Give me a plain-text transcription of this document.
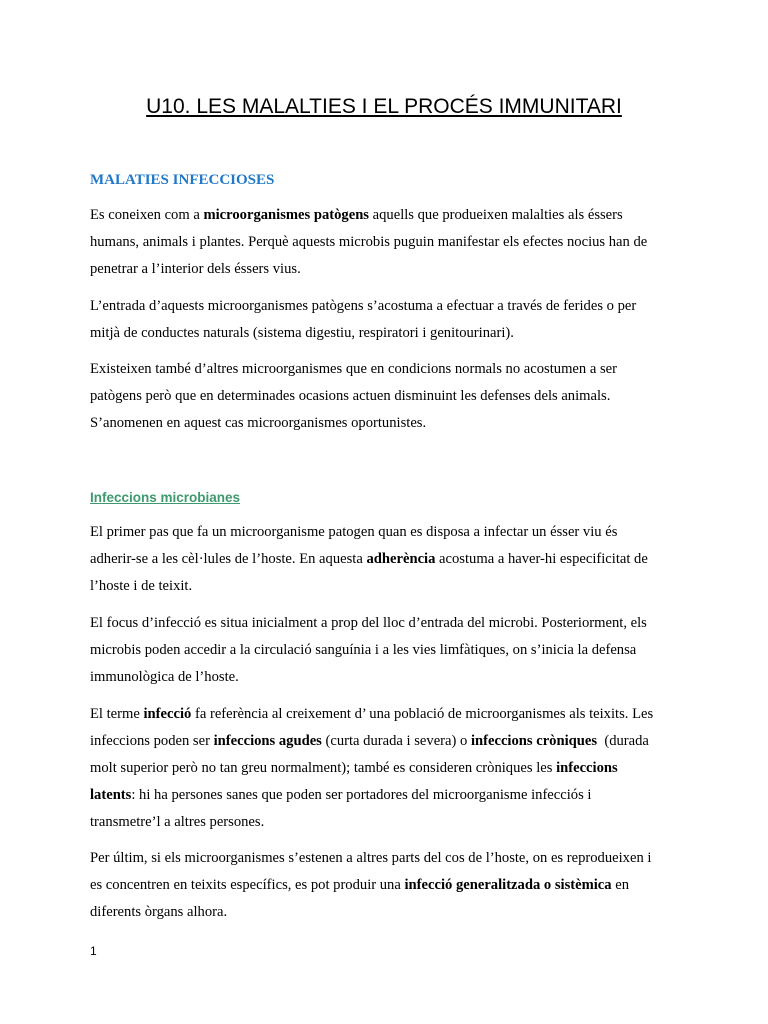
U10. LES MALALTIES I EL PROCÉS IMMUNITARI
MALATIES INFECCIOSES

Es coneixen com a microorganismes patògens aquells que produeixen malalties als éssers
humans, animals i plantes. Perquè aquests microbis puguin manifestar els efectes nocius han de
penetrar a l’interior dels éssers vius.

L’entrada d’aquests microorganismes patògens s’acostuma a efectuar a través de ferides o per
mitjà de conductes naturals (sistema digestiu, respiratori i genitourinari).

Existeixen també d’altres microorganismes que en condicions normals no acostumen a ser
patògens però que en determinades ocasions actuen disminuint les defenses dels animals.
S’anomenen en aquest cas microorganismes oportunistes.

Infeccions microbianes

El primer pas que fa un microorganisme patogen quan es disposa a infectar un ésser viu és
adherir-se a les cèl·lules de l’hoste. En aquesta adherència acostuma a haver-hi especificitat de
l’hoste i de teixit.

El focus d’infecció es situa inicialment a prop del lloc d’entrada del microbi. Posteriorment, els
microbis poden accedir a la circulació sanguínia i a les vies limfàtiques, on s’inicia la defensa
immunològica de l’hoste.

El terme infecció fa referència al creixement d’ una població de microorganismes als teixits. Les
infeccions poden ser infeccions agudes (curta durada i severa) o infeccions cròniques  (durada
molt superior però no tan greu normalment); també es consideren cròniques les infeccions
latents: hi ha persones sanes que poden ser portadores del microorganisme infecciós i
transmetre’l a altres persones.

Per últim, si els microorganismes s’estenen a altres parts del cos de l’hoste, on es reprodueixen i
es concentren en teixits específics, es pot produir una infecció generalitzada o sistèmica en
diferents òrgans alhora.

1
